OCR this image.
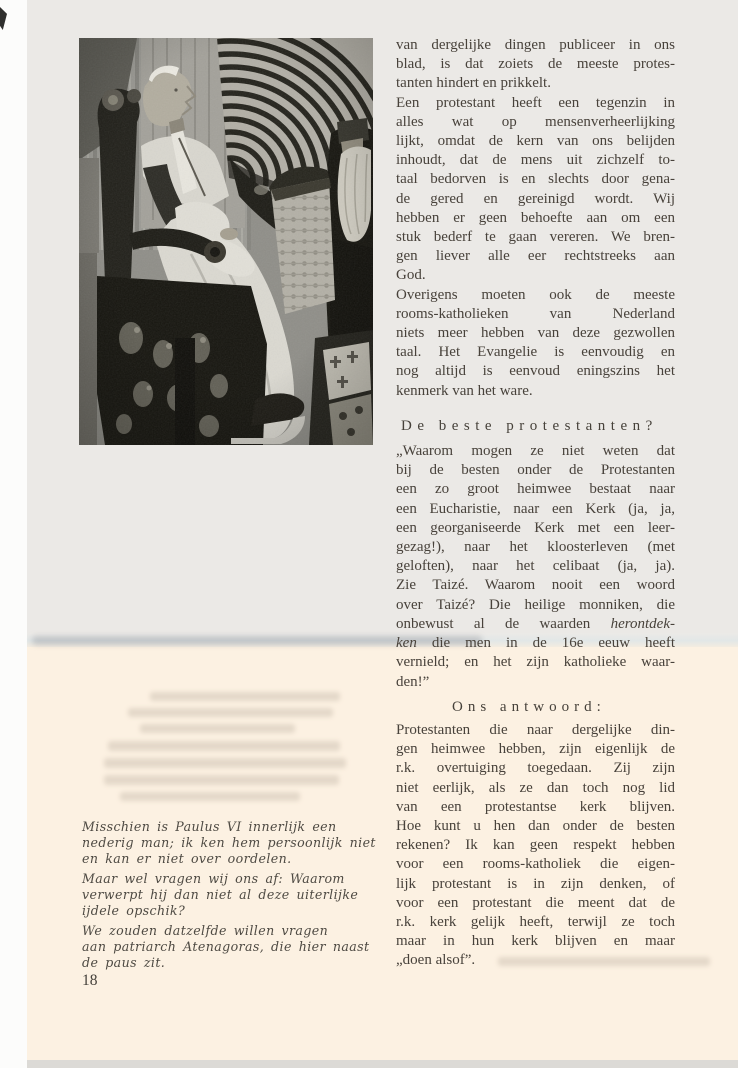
van dergelijke dingen publiceer in ons
blad, is dat zoiets de meeste protes-
tanten hindert en prikkelt.
Een protestant heeft een tegenzin in
alles wat op mensenverheerlijking
lijkt, omdat de kern van ons belijden
inhoudt, dat de mens uit zichzelf to-
taal bedorven is en slechts door gena-
de gered en gereinigd wordt. Wij
hebben er geen behoefte aan om een
stuk bederf te gaan vereren. We bren-
gen liever alle eer rechtstreeks aan
God.
Overigens moeten ook de meeste
rooms-katholieken van Nederland
niets meer hebben van deze gezwollen
taal. Het Evangelie is eenvoudig en
nog altijd is eenvoud eningszins het
kenmerk van het ware.
De beste protestanten?
„Waarom mogen ze niet weten dat
bij de besten onder de Protestanten
een zo groot heimwee bestaat naar
een Eucharistie, naar een Kerk (ja, ja,
een georganiseerde Kerk met een leer-
gezag!), naar het kloosterleven (met
geloften), naar het celibaat (ja, ja).
Zie Taizé. Waarom nooit een woord
over Taizé? Die heilige monniken, die
onbewust al de waarden herontdek-
ken die men in de 16e eeuw heeft
vernield; en het zijn katholieke waar-
den!”
Ons antwoord:
Protestanten die naar dergelijke din-
gen heimwee hebben, zijn eigenlijk de
r.k. overtuiging toegedaan. Zij zijn
niet eerlijk, als ze dan toch nog lid
van een protestantse kerk blijven.
Hoe kunt u hen dan onder de besten
rekenen? Ik kan geen respekt hebben
voor een rooms-katholiek die eigen-
lijk protestant is in zijn denken, of
voor een protestant die meent dat de
r.k. kerk gelijk heeft, terwijl ze toch
maar in hun kerk blijven en maar
„doen alsof”.
Misschien is Paulus VI innerlijk een
nederig man; ik ken hem persoonlijk niet
en kan er niet over oordelen.
Maar wel vragen wij ons af: Waarom
verwerpt hij dan niet al deze uiterlijke
ijdele opschik?
We zouden datzelfde willen vragen
aan patriarch Atenagoras, die hier naast
de paus zit.
18
